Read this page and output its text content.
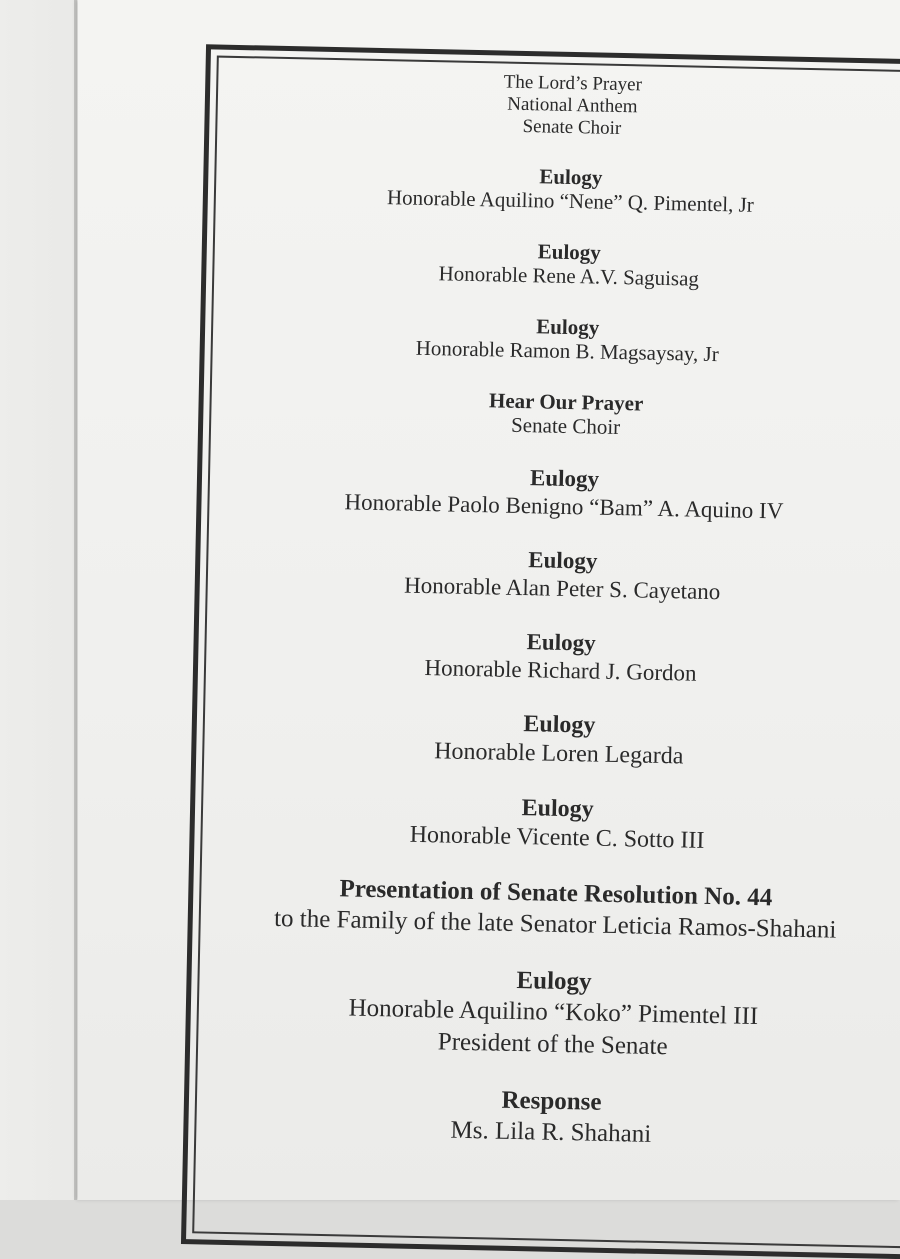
The Lord’s Prayer
National Anthem
Senate Choir
Eulogy
Honorable Aquilino “Nene” Q. Pimentel, Jr
Eulogy
Honorable Rene A.V. Saguisag
Eulogy
Honorable Ramon B. Magsaysay, Jr
Hear Our Prayer
Senate Choir
Eulogy
Honorable Paolo Benigno “Bam” A. Aquino IV
Eulogy
Honorable Alan Peter S. Cayetano
Eulogy
Honorable Richard J. Gordon
Eulogy
Honorable Loren Legarda
Eulogy
Honorable Vicente C. Sotto III
Presentation of Senate Resolution No. 44
to the Family of the late Senator Leticia Ramos-Shahani
Eulogy
Honorable Aquilino “Koko” Pimentel III
President of the Senate
Response
Ms. Lila R. Shahani
